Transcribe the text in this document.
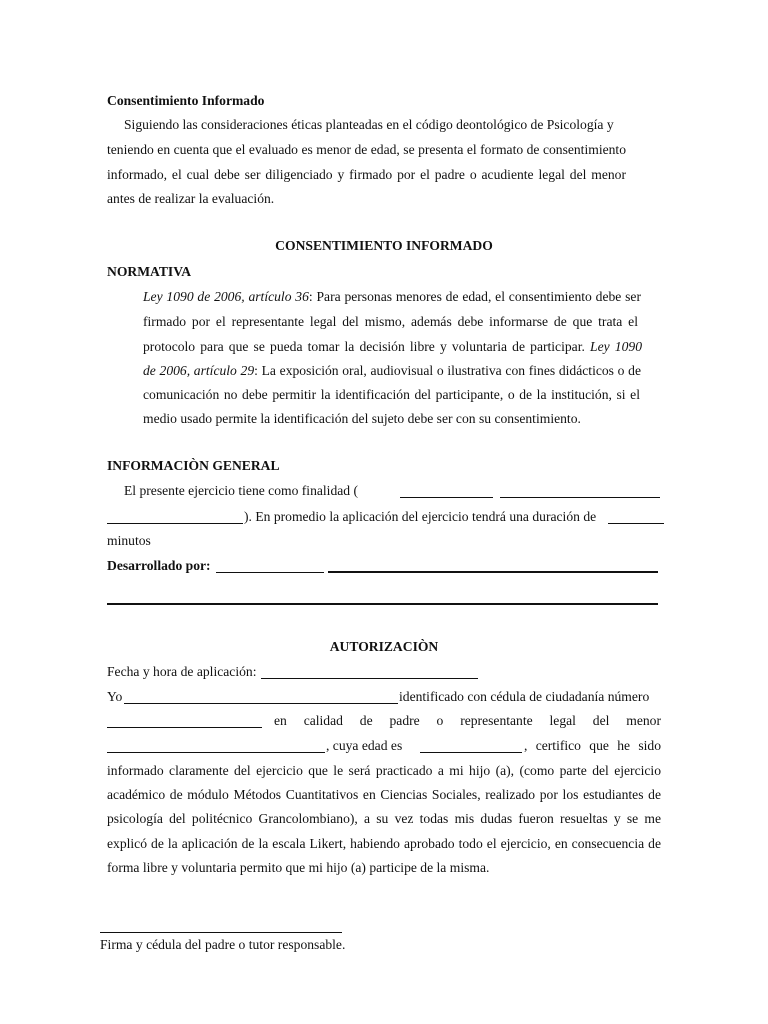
Consentimiento Informado
Siguiendo las consideraciones éticas planteadas en el código deontológico de Psicología y
teniendo en cuenta que el evaluado es menor de edad, se presenta el formato de consentimiento
informado, el cual debe ser diligenciado y firmado por el padre o acudiente legal del menor
antes de realizar la evaluación.
CONSENTIMIENTO INFORMADO
NORMATIVA
Ley 1090 de 2006, artículo 36: Para personas menores de edad, el consentimiento debe ser
firmado por el representante legal del mismo, además debe informarse de que trata el
protocolo para que se pueda tomar la decisión libre y voluntaria de participar. Ley 1090
de 2006, artículo 29: La exposición oral, audiovisual o ilustrativa con fines didácticos o de
comunicación no debe permitir la identificación del participante, o de la institución, si el
medio usado permite la identificación del sujeto debe ser con su consentimiento.
INFORMACIÒN GENERAL
El presente ejercicio tiene como finalidad (
). En promedio la aplicación del ejercicio tendrá una duración de
minutos
Desarrollado por:
AUTORIZACIÒN
Fecha y hora de aplicación:
Yo	identificado con cédula de ciudadanía número
en calidad de padre o representante legal del menor
, cuya edad es	, certifico que he sido
informado claramente del ejercicio que le será practicado a mi hijo (a), (como parte del ejercicio
académico de módulo Métodos Cuantitativos en Ciencias Sociales, realizado por los estudiantes de
psicología del politécnico Grancolombiano), a su vez todas mis dudas fueron resueltas y se me
explicó de la aplicación de la escala Likert, habiendo aprobado todo el ejercicio, en consecuencia de
forma libre y voluntaria permito que mi hijo (a) participe de la misma.
Firma y cédula del padre o tutor responsable.
